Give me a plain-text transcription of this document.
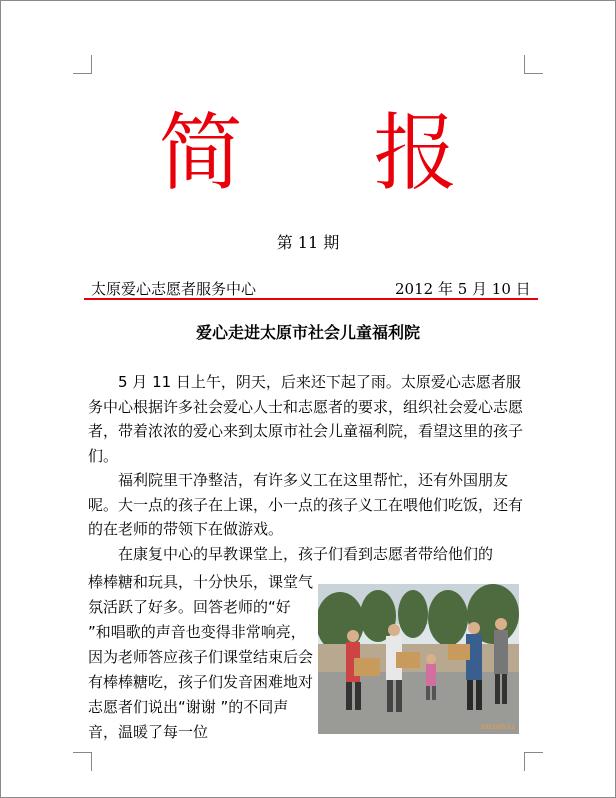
简 报
第 11 期
太原爱心志愿者服务中心	2012 年 5 月 10 日
爱心走进太原市社会儿童福利院

5 月 11 日上午，阴天，后来还下起了雨。太原爱心志愿者服务中心根据许多社会爱心人士和志愿者的要求，组织社会爱心志愿者，带着浓浓的爱心来到太原市社会儿童福利院，看望这里的孩子们。

福利院里干净整洁，有许多义工在这里帮忙，还有外国朋友呢。大一点的孩子在上课，小一点的孩子义工在喂他们吃饭，还有的在老师的带领下在做游戏。

在康复中心的早教课堂上，孩子们看到志愿者带给他们的

棒棒糖和玩具，十分快乐，课堂气氛活跃了好多。回答老师的“好 ”和唱歌的声音也变得非常响亮，因为老师答应孩子们课堂结束后会有棒棒糖吃，孩子们发音困难地对志愿者们说出“谢谢 ”的不同声音，温暖了每一位	2012/05/11
